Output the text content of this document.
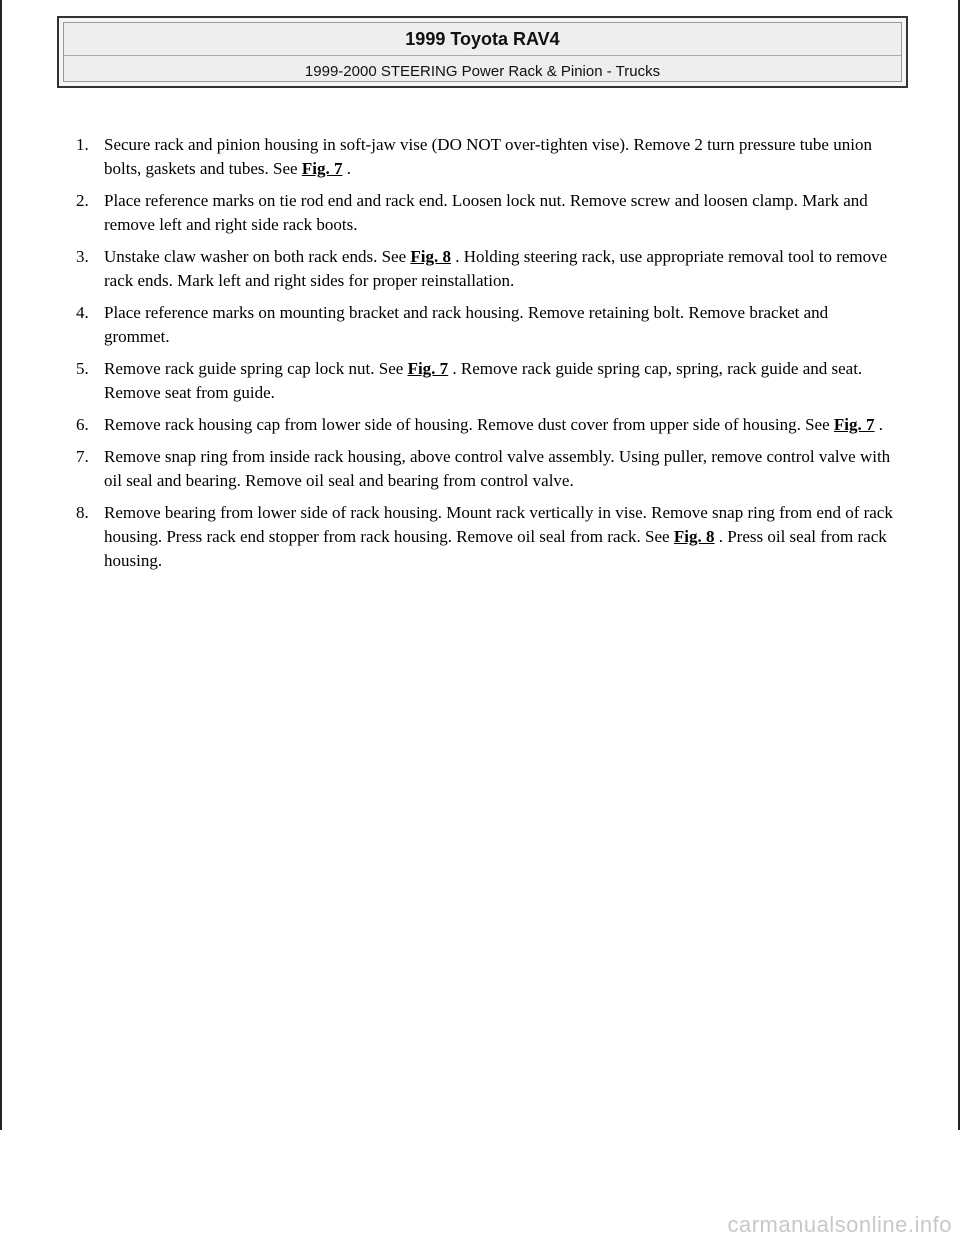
1999 Toyota RAV4
1999-2000 STEERING Power Rack & Pinion - Trucks
1. Secure rack and pinion housing in soft-jaw vise (DO NOT over-tighten vise). Remove 2 turn pressure tube union bolts, gaskets and tubes. See Fig. 7 .
2. Place reference marks on tie rod end and rack end. Loosen lock nut. Remove screw and loosen clamp. Mark and remove left and right side rack boots.
3. Unstake claw washer on both rack ends. See Fig. 8 . Holding steering rack, use appropriate removal tool to remove rack ends. Mark left and right sides for proper reinstallation.
4. Place reference marks on mounting bracket and rack housing. Remove retaining bolt. Remove bracket and grommet.
5. Remove rack guide spring cap lock nut. See Fig. 7 . Remove rack guide spring cap, spring, rack guide and seat. Remove seat from guide.
6. Remove rack housing cap from lower side of housing. Remove dust cover from upper side of housing. See Fig. 7 .
7. Remove snap ring from inside rack housing, above control valve assembly. Using puller, remove control valve with oil seal and bearing. Remove oil seal and bearing from control valve.
8. Remove bearing from lower side of rack housing. Mount rack vertically in vise. Remove snap ring from end of rack housing. Press rack end stopper from rack housing. Remove oil seal from rack. See Fig. 8 . Press oil seal from rack housing.
carmanualsonline.info
